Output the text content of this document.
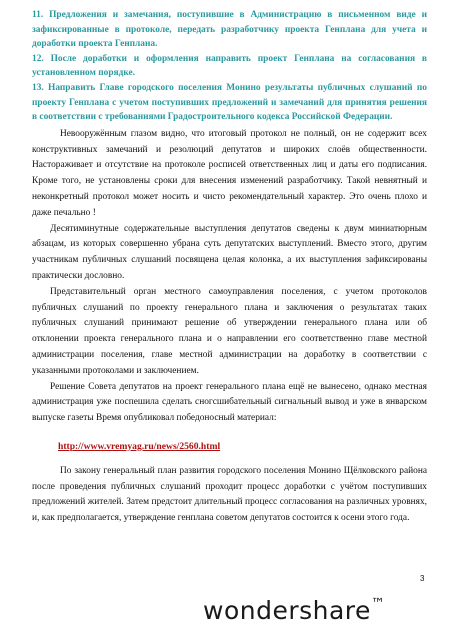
11. Предложения и замечания, поступившие в Администрацию в письменном виде и зафиксированные в протоколе, передать разработчику проекта Генплана для учета и доработки проекта Генплана.

12. После доработки и оформления направить проект Генплана на согласования в установленном порядке.

13. Направить Главе городского поселения Монино результаты публичных слушаний по проекту Генплана с учетом поступивших предложений и замечаний для принятия решения в соответствии с требованиями Градостроительного кодекса Российской Федерации.

Невооружённым глазом видно, что итоговый протокол не полный, он не содержит всех конструктивных замечаний и резолюций депутатов и широких слоёв общественности. Настораживает и отсутствие на протоколе росписей ответственных лиц и даты его подписания. Кроме того, не установлены сроки для внесения изменений разработчику. Такой невнятный и неконкретный протокол может носить и чисто рекомендательный характер. Это очень плохо и даже печально !

Десятиминутные содержательные выступления депутатов сведены к двум миниатюрным абзацам, из которых совершенно убрана суть депутатских выступлений. Вместо этого, другим участникам публичных слушаний посвящена целая колонка, а их выступления зафиксированы практически дословно.

Представительный орган местного самоуправления поселения, с учетом протоколов публичных слушаний по проекту генерального плана и заключения о результатах таких публичных слушаний принимают решение об утверждении генерального плана или об отклонении проекта генерального плана и о направлении его соответственно главе местной администрации поселения, главе местной администрации на доработку в соответствии с указанными протоколами и заключением.

Решение Совета депутатов на проект генерального плана ещё не вынесено, однако местная администрация уже поспешила сделать сногсшибательный сигнальный вывод и уже в январском выпуске газеты Время опубликовал победоносный материал:

http://www.vremyag.ru/news/2560.html

По закону генеральный план развития городского поселения Монино Щёлковского района после проведения публичных слушаний проходит процесс доработки с учётом поступивших предложений жителей. Затем предстоит длительный процесс согласования на различных уровнях, и, как предполагается, утверждение генплана советом депутатов состоится к осени этого года.

3
wondershare™
